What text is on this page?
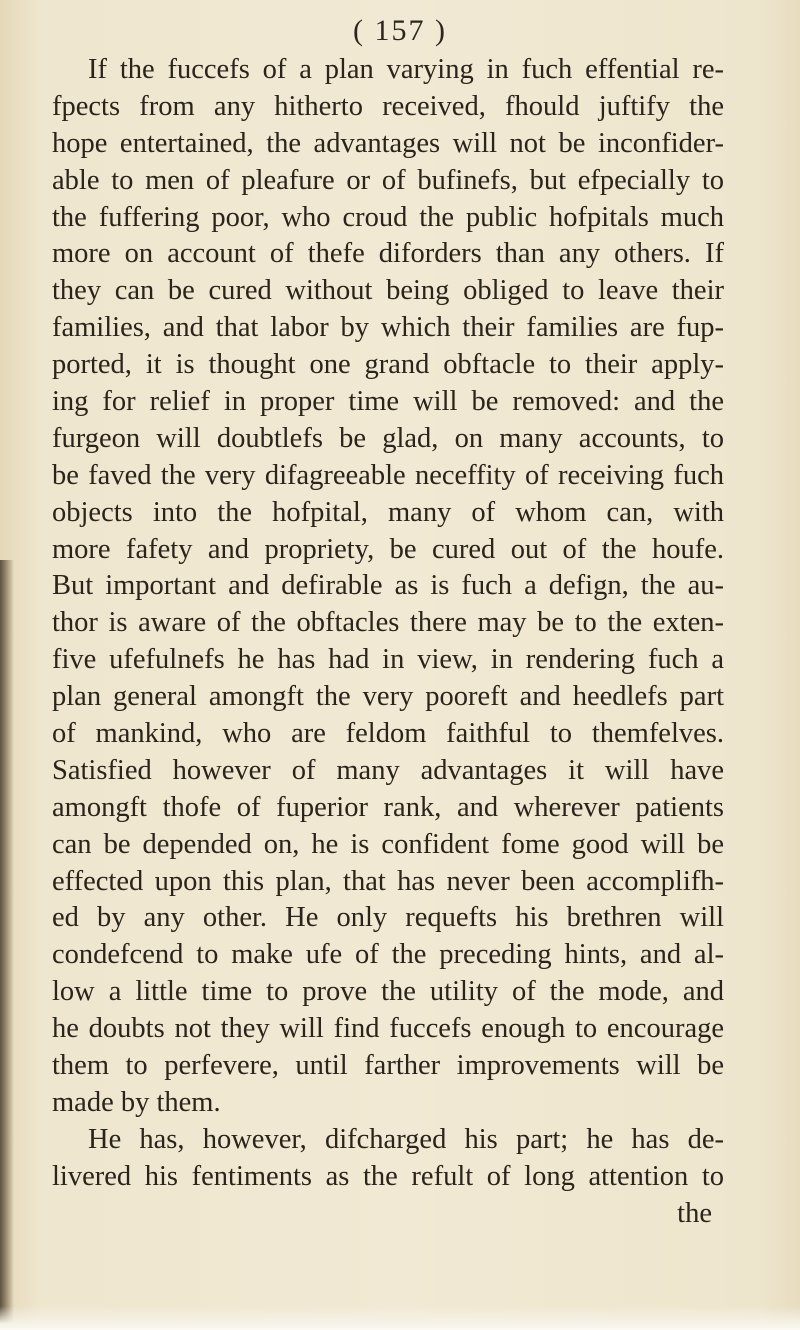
( 157 )
If the fuccefs of a plan varying in fuch effential re-
fpects from any hitherto received, fhould juftify the
hope entertained, the advantages will not be inconfider-
able to men of pleafure or of bufinefs, but efpecially to
the fuffering poor, who croud the public hofpitals much
more on account of thefe diforders than any others. If
they can be cured without being obliged to leave their
families, and that labor by which their families are fup-
ported, it is thought one grand obftacle to their apply-
ing for relief in proper time will be removed: and the
furgeon will doubtlefs be glad, on many accounts, to
be faved the very difagreeable neceffity of receiving fuch
objects into the hofpital, many of whom can, with
more fafety and propriety, be cured out of the houfe.
But important and defirable as is fuch a defign, the au-
thor is aware of the obftacles there may be to the exten-
five ufefulnefs he has had in view, in rendering fuch a
plan general amongft the very pooreft and heedlefs part
of mankind, who are feldom faithful to themfelves.
Satisfied however of many advantages it will have
amongft thofe of fuperior rank, and wherever patients
can be depended on, he is confident fome good will be
effected upon this plan, that has never been accomplifh-
ed by any other. He only requefts his brethren will
condefcend to make ufe of the preceding hints, and al-
low a little time to prove the utility of the mode, and
he doubts not they will find fuccefs enough to encourage
them to perfevere, until farther improvements will be
made by them.
He has, however, difcharged his part; he has de-
livered his fentiments as the refult of long attention to
the
